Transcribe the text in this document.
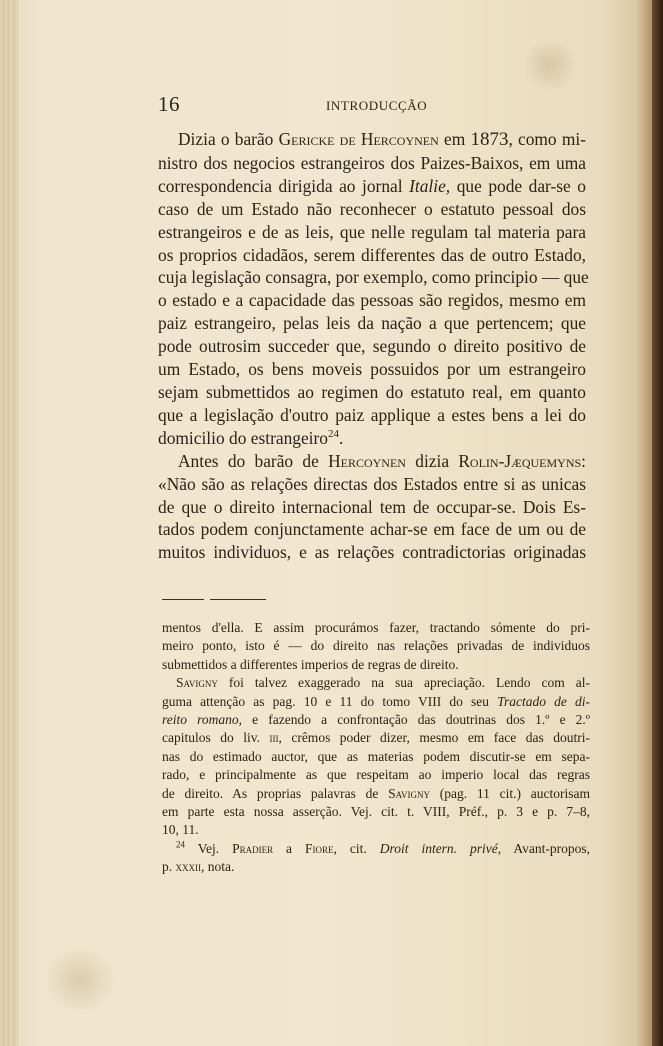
16	INTRODUCÇÃO
Dizia o barão Gericke de Hercoynen em 1873, como mi-
nistro dos negocios estrangeiros dos Paizes-Baixos, em uma
correspondencia dirigida ao jornal Italie, que pode dar-se o
caso de um Estado não reconhecer o estatuto pessoal dos
estrangeiros e de as leis, que nelle regulam tal materia para
os proprios cidadãos, serem differentes das de outro Estado,
cuja legislação consagra, por exemplo, como principio — que
o estado e a capacidade das pessoas são regidos, mesmo em
paiz estrangeiro, pelas leis da nação a que pertencem; que
pode outrosim succeder que, segundo o direito positivo de
um Estado, os bens moveis possuidos por um estrangeiro
sejam submettidos ao regimen do estatuto real, em quanto
que a legislação d'outro paiz applique a estes bens a lei do
domicilio do estrangeiro$^{24}$.
Antes do barão de Hercoynen dizia Rolin-Jæquemyns:
«Não são as relações directas dos Estados entre si as unicas
de que o direito internacional tem de occupar-se. Dois Es-
tados podem conjunctamente achar-se em face de um ou de
muitos individuos, e as relações contradictorias originadas
mentos d'ella. E assim procurámos fazer, tractando sómente do pri-
meiro ponto, isto é — do direito nas relações privadas de individuos
submettidos a differentes imperios de regras de direito.
Savigny foi talvez exaggerado na sua apreciação. Lendo com al-
guma attenção as pag. 10 e 11 do tomo VIII do seu Tractado de di-
reito romano, e fazendo a confrontação das doutrinas dos 1.º e 2.º
capitulos do liv. iii, crêmos poder dizer, mesmo em face das doutri-
nas do estimado auctor, que as materias podem discutir-se em sepa-
rado, e principalmente as que respeitam ao imperio local das regras
de direito. As proprias palavras de Savigny (pag. 11 cit.) auctorisam
em parte esta nossa asserção. Vej. cit. t. VIII, Préf., p. 3 e p. 7–8,
10, 11.
$^{24}$ Vej. Pradier a Fiore, cit. Droit intern. privé, Avant-propos,
p. xxxii, nota.
